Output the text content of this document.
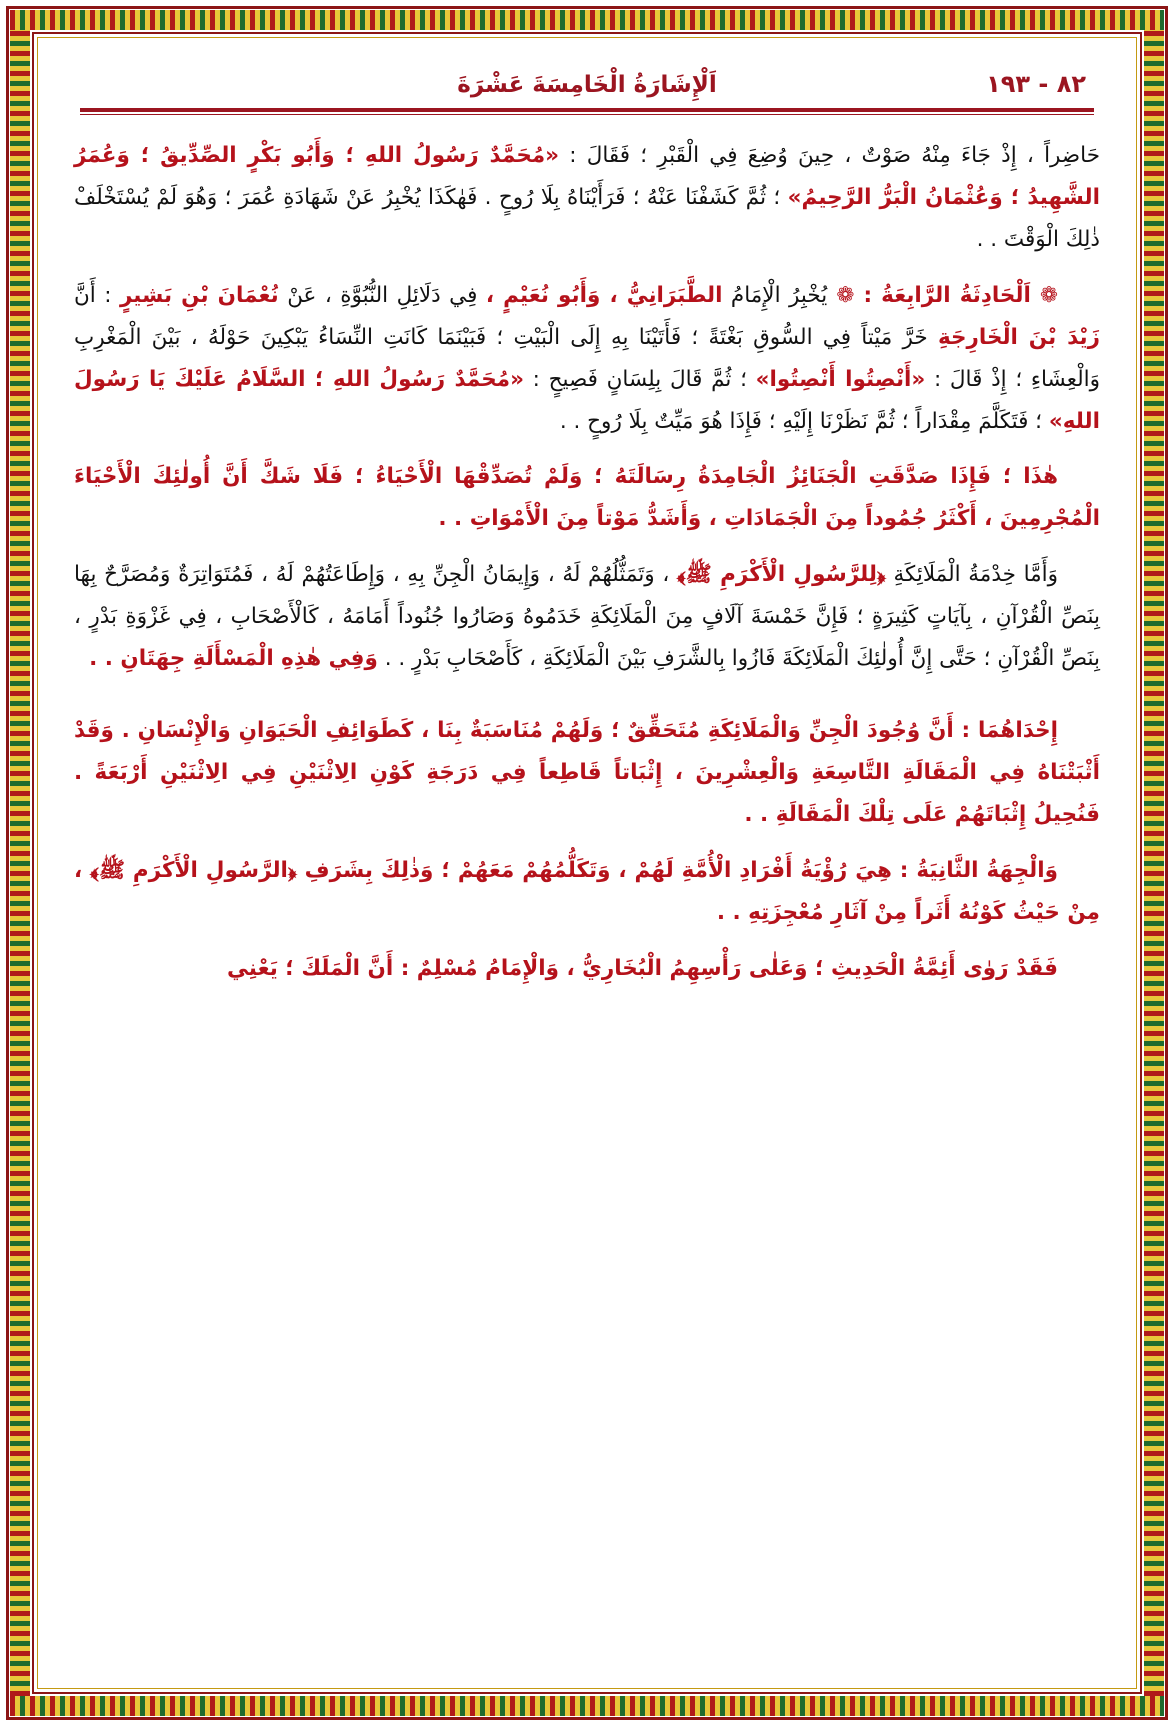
٨٢ - ١٩٣
اَلْإِشَارَةُ الْخَامِسَةَ عَشْرَةَ

حَاضِراً ، إِذْ جَاءَ مِنْهُ صَوْتٌ ، حِينَ وُضِعَ فِي الْقَبْرِ ؛ فَقَالَ : «مُحَمَّدٌ رَسُولُ اللهِ ؛ وَأَبُو بَكْرٍ الصِّدِّيقُ ؛ وَعُمَرُ الشَّهِيدُ ؛ وَعُثْمَانُ الْبَرُّ الرَّحِيمُ» ؛ ثُمَّ كَشَفْنَا عَنْهُ ؛ فَرَأَيْنَاهُ بِلَا رُوحٍ . فَهٰكَذَا يُخْبِرُ عَنْ شَهَادَةِ عُمَرَ ؛ وَهُوَ لَمْ يُسْتَخْلَفْ ذٰلِكَ الْوَقْتَ . .

❁ اَلْحَادِثَةُ الرَّابِعَةُ : ❁ يُخْبِرُ الْإِمَامُ الطَّبَرَانِيُّ ، وَأَبُو نُعَيْمٍ ، فِي دَلَائِلِ النُّبُوَّةِ ، عَنْ نُعْمَانَ بْنِ بَشِيرٍ : أَنَّ زَيْدَ بْنَ الْخَارِجَةِ خَرَّ مَيْتاً فِي السُّوقِ بَغْتَةً ؛ فَأَتَيْنَا بِهِ إِلَى الْبَيْتِ ؛ فَبَيْنَمَا كَانَتِ النِّسَاءُ يَبْكِينَ حَوْلَهُ ، بَيْنَ الْمَغْرِبِ وَالْعِشَاءِ ؛ إِذْ قَالَ : «أَنْصِتُوا أَنْصِتُوا» ؛ ثُمَّ قَالَ بِلِسَانٍ فَصِيحٍ : «مُحَمَّدٌ رَسُولُ اللهِ ؛ السَّلَامُ عَلَيْكَ يَا رَسُولَ اللهِ» ؛ فَتَكَلَّمَ مِقْدَاراً ؛ ثُمَّ نَظَرْنَا إِلَيْهِ ؛ فَإِذَا هُوَ مَيِّتٌ بِلَا رُوحٍ . .

هٰذَا ؛ فَإِذَا صَدَّقَتِ الْجَنَائِزُ الْجَامِدَةُ رِسَالَتَهُ ؛ وَلَمْ تُصَدِّقْهَا الْأَحْيَاءُ ؛ فَلَا شَكَّ أَنَّ أُولٰئِكَ الْأَحْيَاءَ الْمُجْرِمِينَ ، أَكْثَرُ جُمُوداً مِنَ الْجَمَادَاتِ ، وَأَشَدُّ مَوْتاً مِنَ الْأَمْوَاتِ . .

وَأَمَّا خِدْمَةُ الْمَلَائِكَةِ ﴿لِلرَّسُولِ الْأَكْرَمِ ﷺ﴾ ، وَتَمَثُّلُهُمْ لَهُ ، وَإِيمَانُ الْجِنِّ بِهِ ، وَإِطَاعَتُهُمْ لَهُ ، فَمُتَوَاتِرَةٌ وَمُصَرَّحٌ بِهَا بِنَصِّ الْقُرْآنِ ، بِآيَاتٍ كَثِيرَةٍ ؛ فَإِنَّ خَمْسَةَ آلَافٍ مِنَ الْمَلَائِكَةِ خَدَمُوهُ وَصَارُوا جُنُوداً أَمَامَهُ ، كَالْأَصْحَابِ ، فِي غَزْوَةِ بَدْرٍ ، بِنَصِّ الْقُرْآنِ ؛ حَتَّى إِنَّ أُولٰئِكَ الْمَلَائِكَةَ فَازُوا بِالشَّرَفِ بَيْنَ الْمَلَائِكَةِ ، كَأَصْحَابِ بَدْرٍ . . وَفِي هٰذِهِ الْمَسْأَلَةِ جِهَتَانِ . .

إِحْدَاهُمَا : أَنَّ وُجُودَ الْجِنِّ وَالْمَلَائِكَةِ مُتَحَقِّقٌ ؛ وَلَهُمْ مُنَاسَبَةٌ بِنَا ، كَطَوَائِفِ الْحَيَوَانِ وَالْإِنْسَانِ . وَقَدْ أَثْبَتْنَاهُ فِي الْمَقَالَةِ التَّاسِعَةِ وَالْعِشْرِينَ ، إِثْبَاتاً قَاطِعاً فِي دَرَجَةِ كَوْنِ الِاثْنَيْنِ فِي الِاثْنَيْنِ أَرْبَعَةً . فَنُحِيلُ إِثْبَاتَهُمْ عَلَى تِلْكَ الْمَقَالَةِ . .

وَالْجِهَةُ الثَّانِيَةُ : هِيَ رُؤْيَةُ أَفْرَادِ الْأُمَّةِ لَهُمْ ، وَتَكَلُّمُهُمْ مَعَهُمْ ؛ وَذٰلِكَ بِشَرَفِ ﴿الرَّسُولِ الْأَكْرَمِ ﷺ﴾ ، مِنْ حَيْثُ كَوْنُهُ أَثَراً مِنْ آثَارِ مُعْجِزَتِهِ . .

فَقَدْ رَوٰى أَئِمَّةُ الْحَدِيثِ ؛ وَعَلٰى رَأْسِهِمُ الْبُخَارِيُّ ، وَالْإِمَامُ مُسْلِمٌ : أَنَّ الْمَلَكَ ؛ يَعْنِي
